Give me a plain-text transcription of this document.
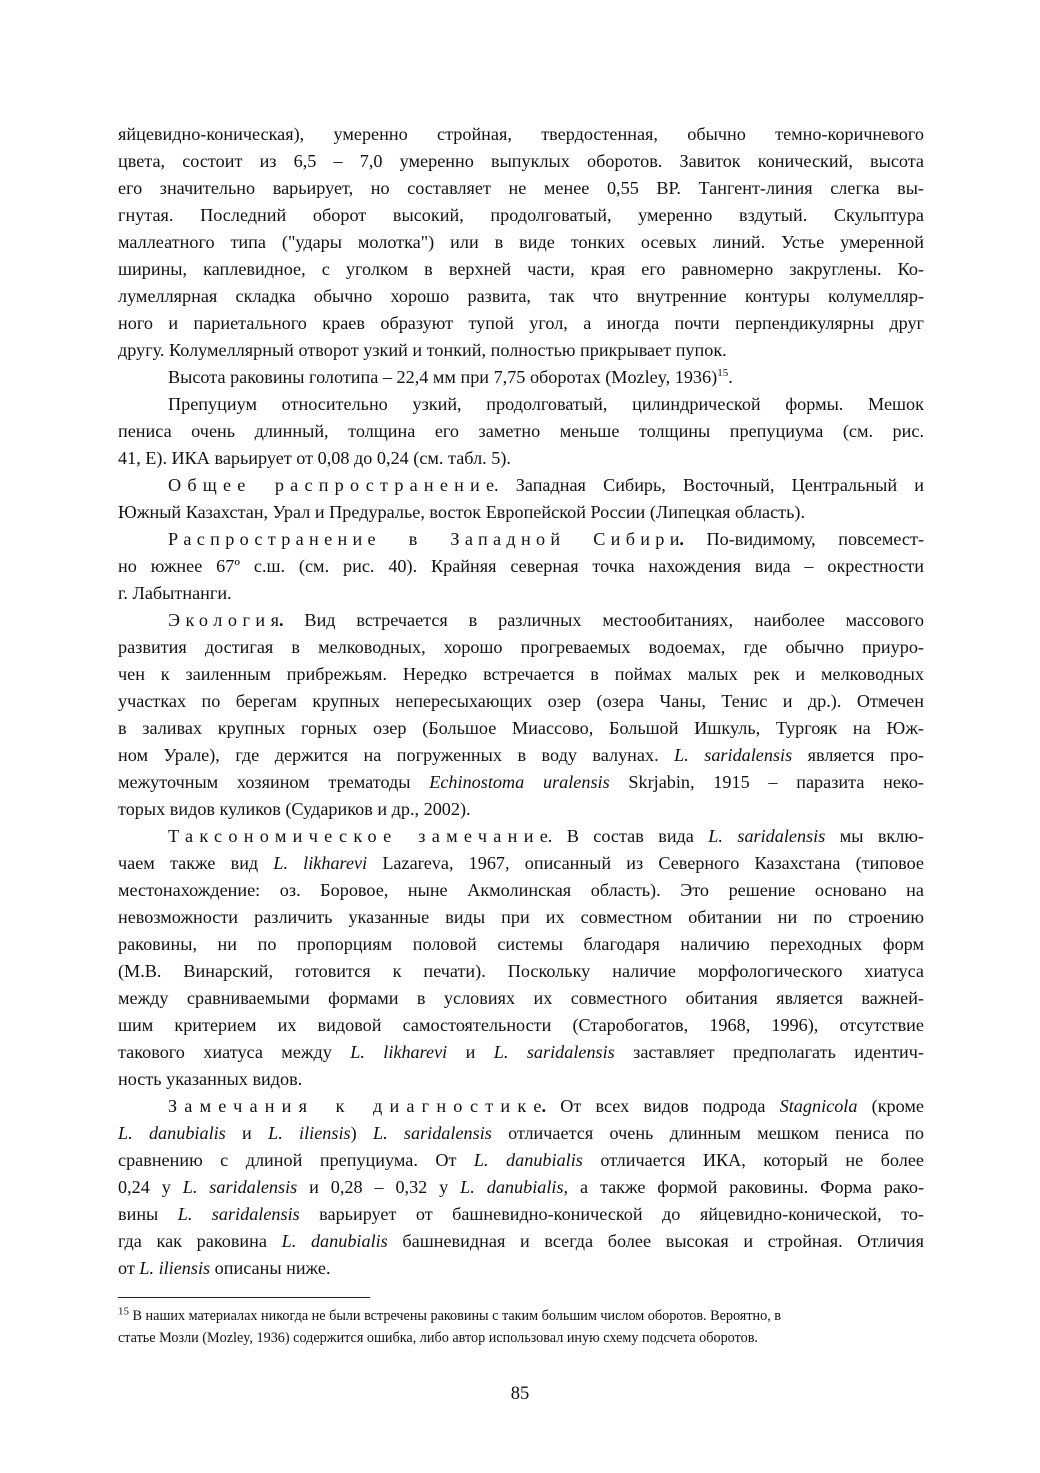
яйцевидно-коническая), умеренно стройная, твердостенная, обычно темно-коричневого
цвета, состоит из 6,5 – 7,0 умеренно выпуклых оборотов. Завиток конический, высота
его значительно варьирует, но составляет не менее 0,55 ВР. Тангент-линия слегка вы-
гнутая. Последний оборот высокий, продолговатый, умеренно вздутый. Скульптура
маллеатного типа ("удары молотка") или в виде тонких осевых линий. Устье умеренной
ширины, каплевидное, с уголком в верхней части, края его равномерно закруглены. Ко-
лумеллярная складка обычно хорошо развита, так что внутренние контуры колумелляр-
ного и париетального краев образуют тупой угол, а иногда почти перпендикулярны друг
другу. Колумеллярный отворот узкий и тонкий, полностью прикрывает пупок.
Высота раковины голотипа – 22,4 мм при 7,75 оборотах (Mozley, 1936)$^{15}$.
Препуциум относительно узкий, продолговатый, цилиндрической формы. Мешок
пениса очень длинный, толщина его заметно меньше толщины препуциума (см. рис.
41, Е). ИКА варьирует от 0,08 до 0,24 (см. табл. 5).
Общее распространение. Западная Сибирь, Восточный, Центральный и
Южный Казахстан, Урал и Предуралье, восток Европейской России (Липецкая область).
Распространение в Западной Сибири. По-видимому, повсемест-
но южнее 67º с.ш. (см. рис. 40). Крайняя северная точка нахождения вида – окрестности
г. Лабытнанги.
Экология. Вид встречается в различных местообитаниях, наиболее массового
развития достигая в мелководных, хорошо прогреваемых водоемах, где обычно приуро-
чен к заиленным прибрежьям. Нередко встречается в поймах малых рек и мелководных
участках по берегам крупных непересыхающих озер (озера Чаны, Тенис и др.). Отмечен
в заливах крупных горных озер (Большое Миассово, Большой Ишкуль, Тургояк на Юж-
ном Урале), где держится на погруженных в воду валунах. L. saridalensis является про-
межуточным хозяином трематоды Echinostoma uralensis Skrjabin, 1915 – паразита неко-
торых видов куликов (Судариков и др., 2002).
Таксономическое замечание. В состав вида L. saridalensis мы вклю-
чаем также вид L. likharevi Lazareva, 1967, описанный из Северного Казахстана (типовое
местонахождение: оз. Боровое, ныне Акмолинская область). Это решение основано на
невозможности различить указанные виды при их совместном обитании ни по строению
раковины, ни по пропорциям половой системы благодаря наличию переходных форм
(М.В. Винарский, готовится к печати). Поскольку наличие морфологического хиатуса
между сравниваемыми формами в условиях их совместного обитания является важней-
шим критерием их видовой самостоятельности (Старобогатов, 1968, 1996), отсутствие
такового хиатуса между L. likharevi и L. saridalensis заставляет предполагать идентич-
ность указанных видов.
Замечания к диагностике. От всех видов подрода Stagnicola (кроме
L. danubialis и L. iliensis) L. saridalensis отличается очень длинным мешком пениса по
сравнению с длиной препуциума. От L. danubialis отличается ИКА, который не более
0,24 у L. saridalensis и 0,28 – 0,32 у L. danubialis, а также формой раковины. Форма рако-
вины L. saridalensis варьирует от башневидно-конической до яйцевидно-конической, то-
гда как раковина L. danubialis башневидная и всегда более высокая и стройная. Отличия
от L. iliensis описаны ниже.
$^{15}$ В наших материалах никогда не были встречены раковины с таким большим числом оборотов. Вероятно, в
статье Мозли (Mozley, 1936) содержится ошибка, либо автор использовал иную схему подсчета оборотов.
85
